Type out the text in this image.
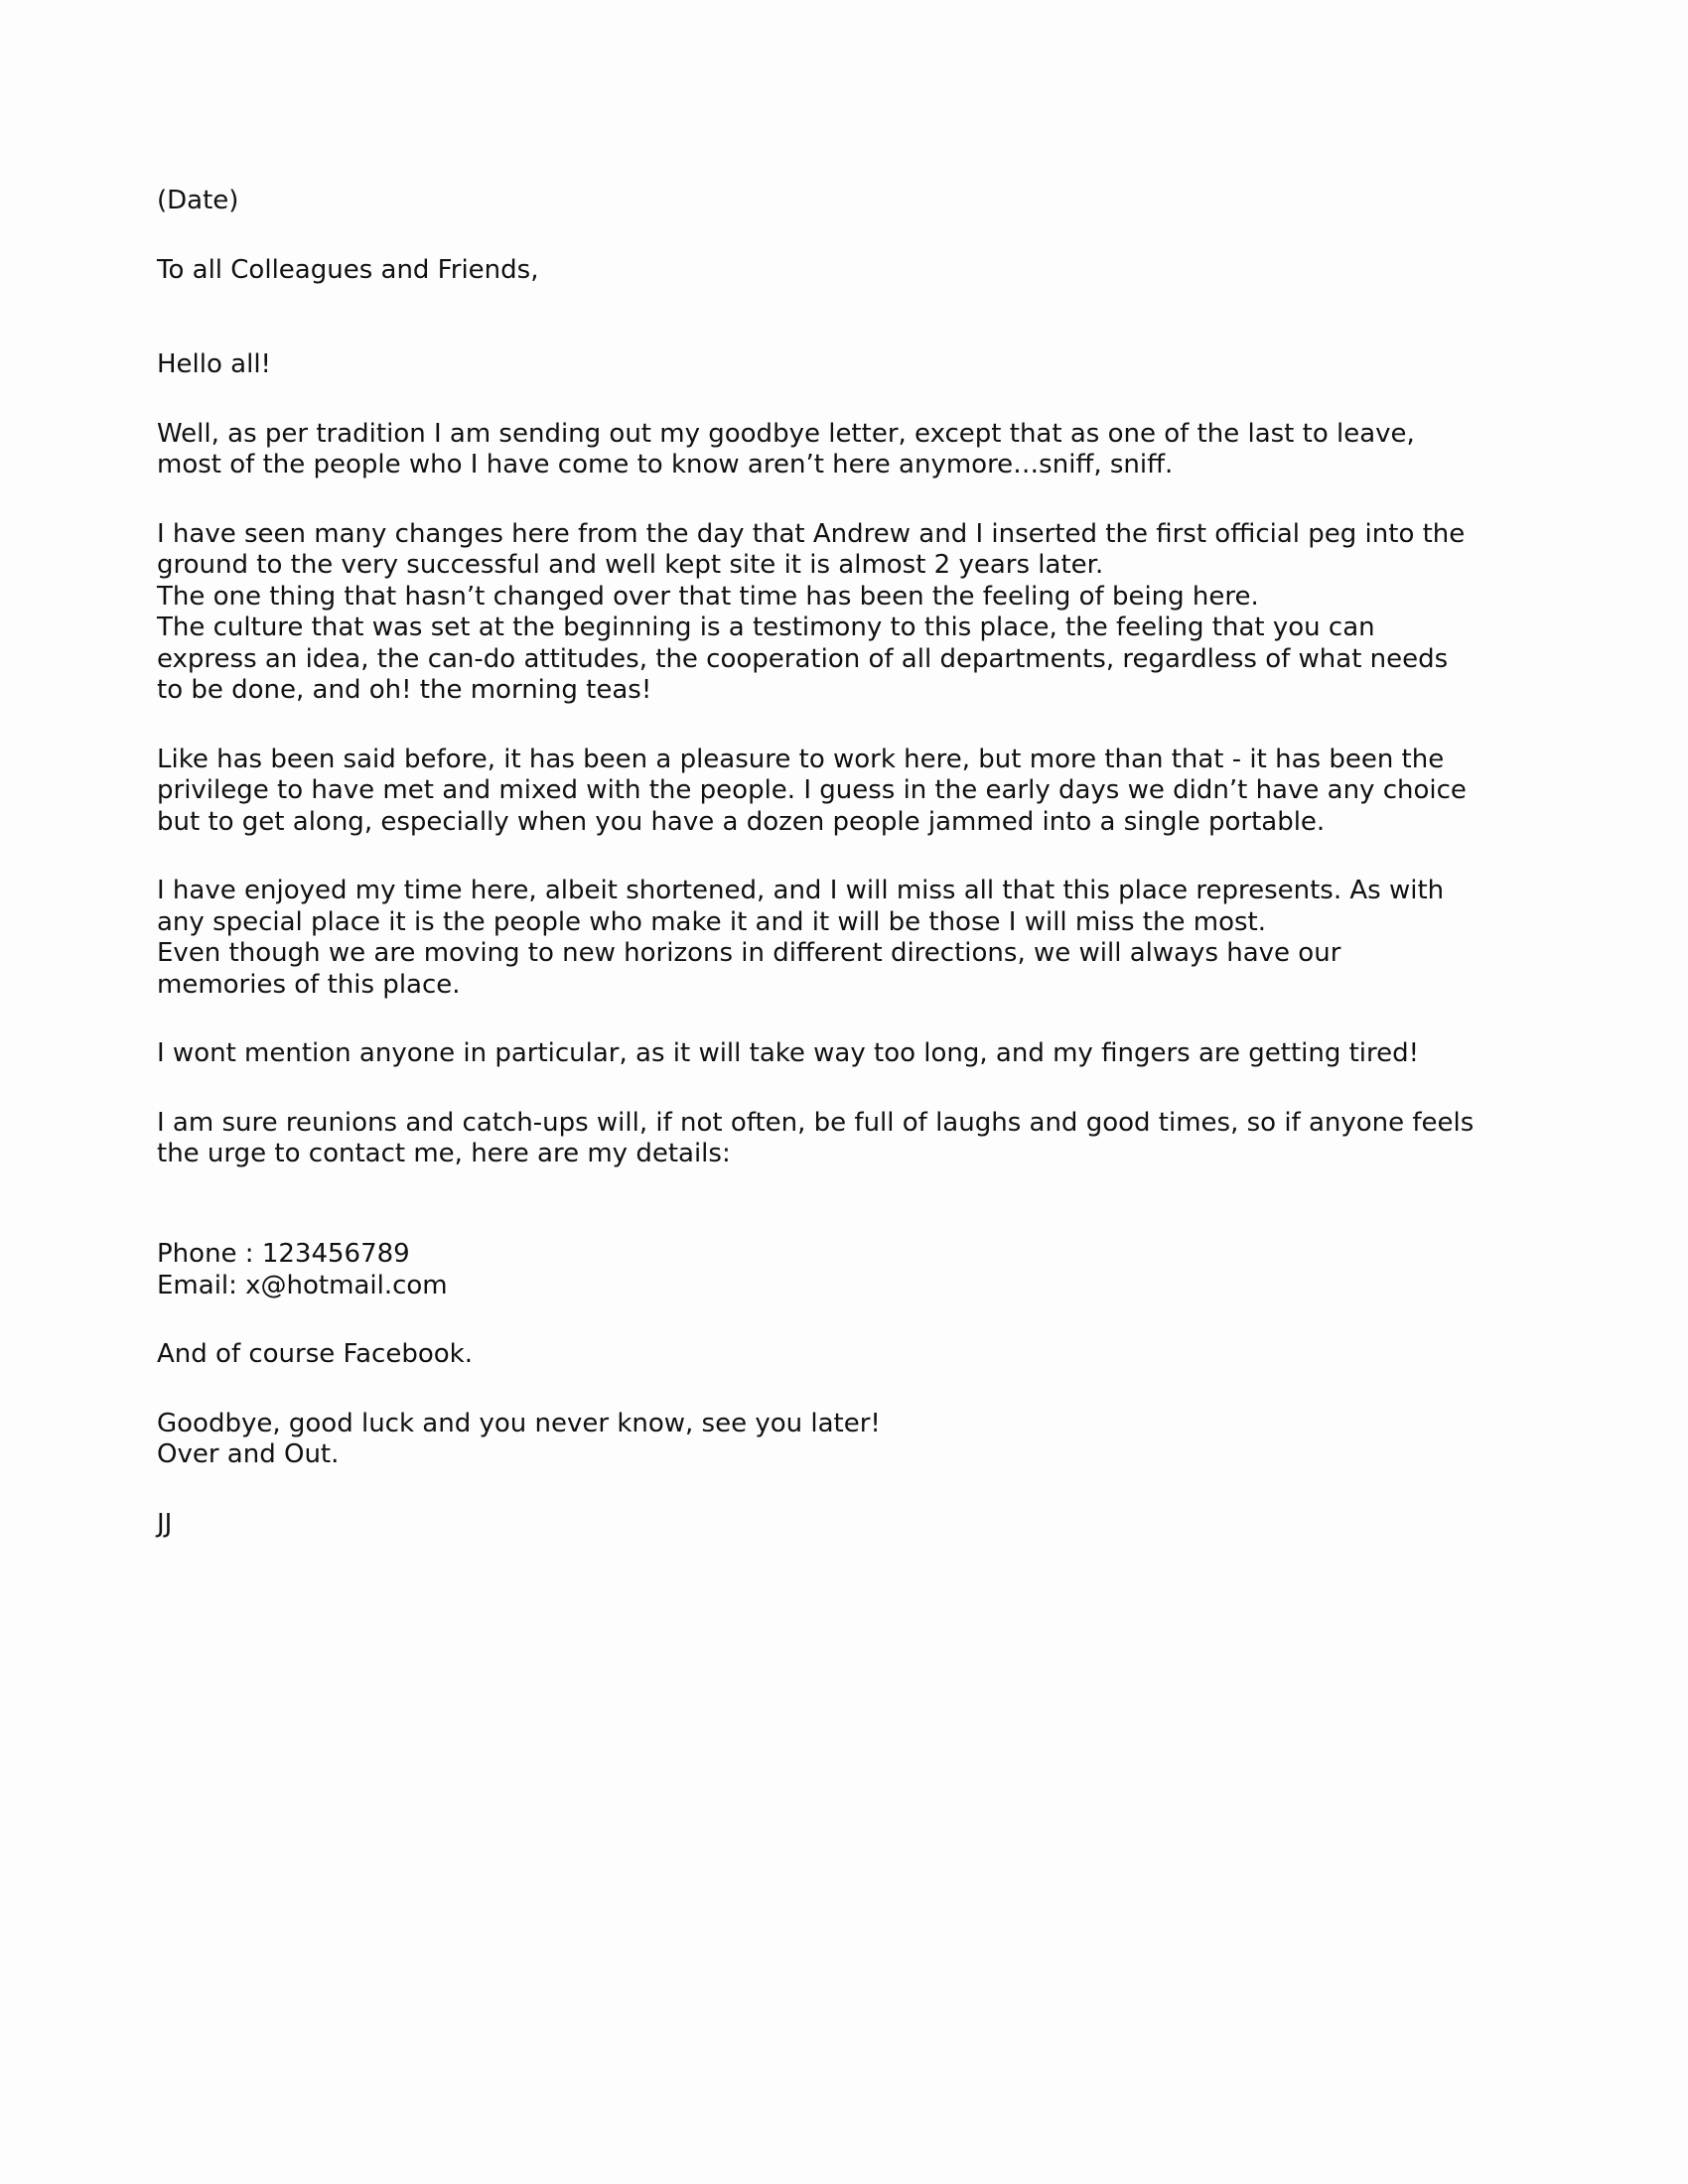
(Date)

To all Colleagues and Friends,

Hello all!

Well, as per tradition I am sending out my goodbye letter, except that as one of the last to leave,
most of the people who I have come to know aren’t here anymore…sniff, sniff.

I have seen many changes here from the day that Andrew and I inserted the first official peg into the
ground to the very successful and well kept site it is almost 2 years later.
The one thing that hasn’t changed over that time has been the feeling of being here.
The culture that was set at the beginning is a testimony to this place, the feeling that you can
express an idea, the can-do attitudes, the cooperation of all departments, regardless of what needs
to be done, and oh! the morning teas!

Like has been said before, it has been a pleasure to work here, but more than that - it has been the
privilege to have met and mixed with the people. I guess in the early days we didn’t have any choice
but to get along, especially when you have a dozen people jammed into a single portable.

I have enjoyed my time here, albeit shortened, and I will miss all that this place represents. As with
any special place it is the people who make it and it will be those I will miss the most.
Even though we are moving to new horizons in different directions, we will always have our
memories of this place.

I wont mention anyone in particular, as it will take way too long, and my fingers are getting tired!

I am sure reunions and catch-ups will, if not often, be full of laughs and good times, so if anyone feels
the urge to contact me, here are my details:

Phone : 123456789
Email: x@hotmail.com

And of course Facebook.

Goodbye, good luck and you never know, see you later!
Over and Out.

JJ
